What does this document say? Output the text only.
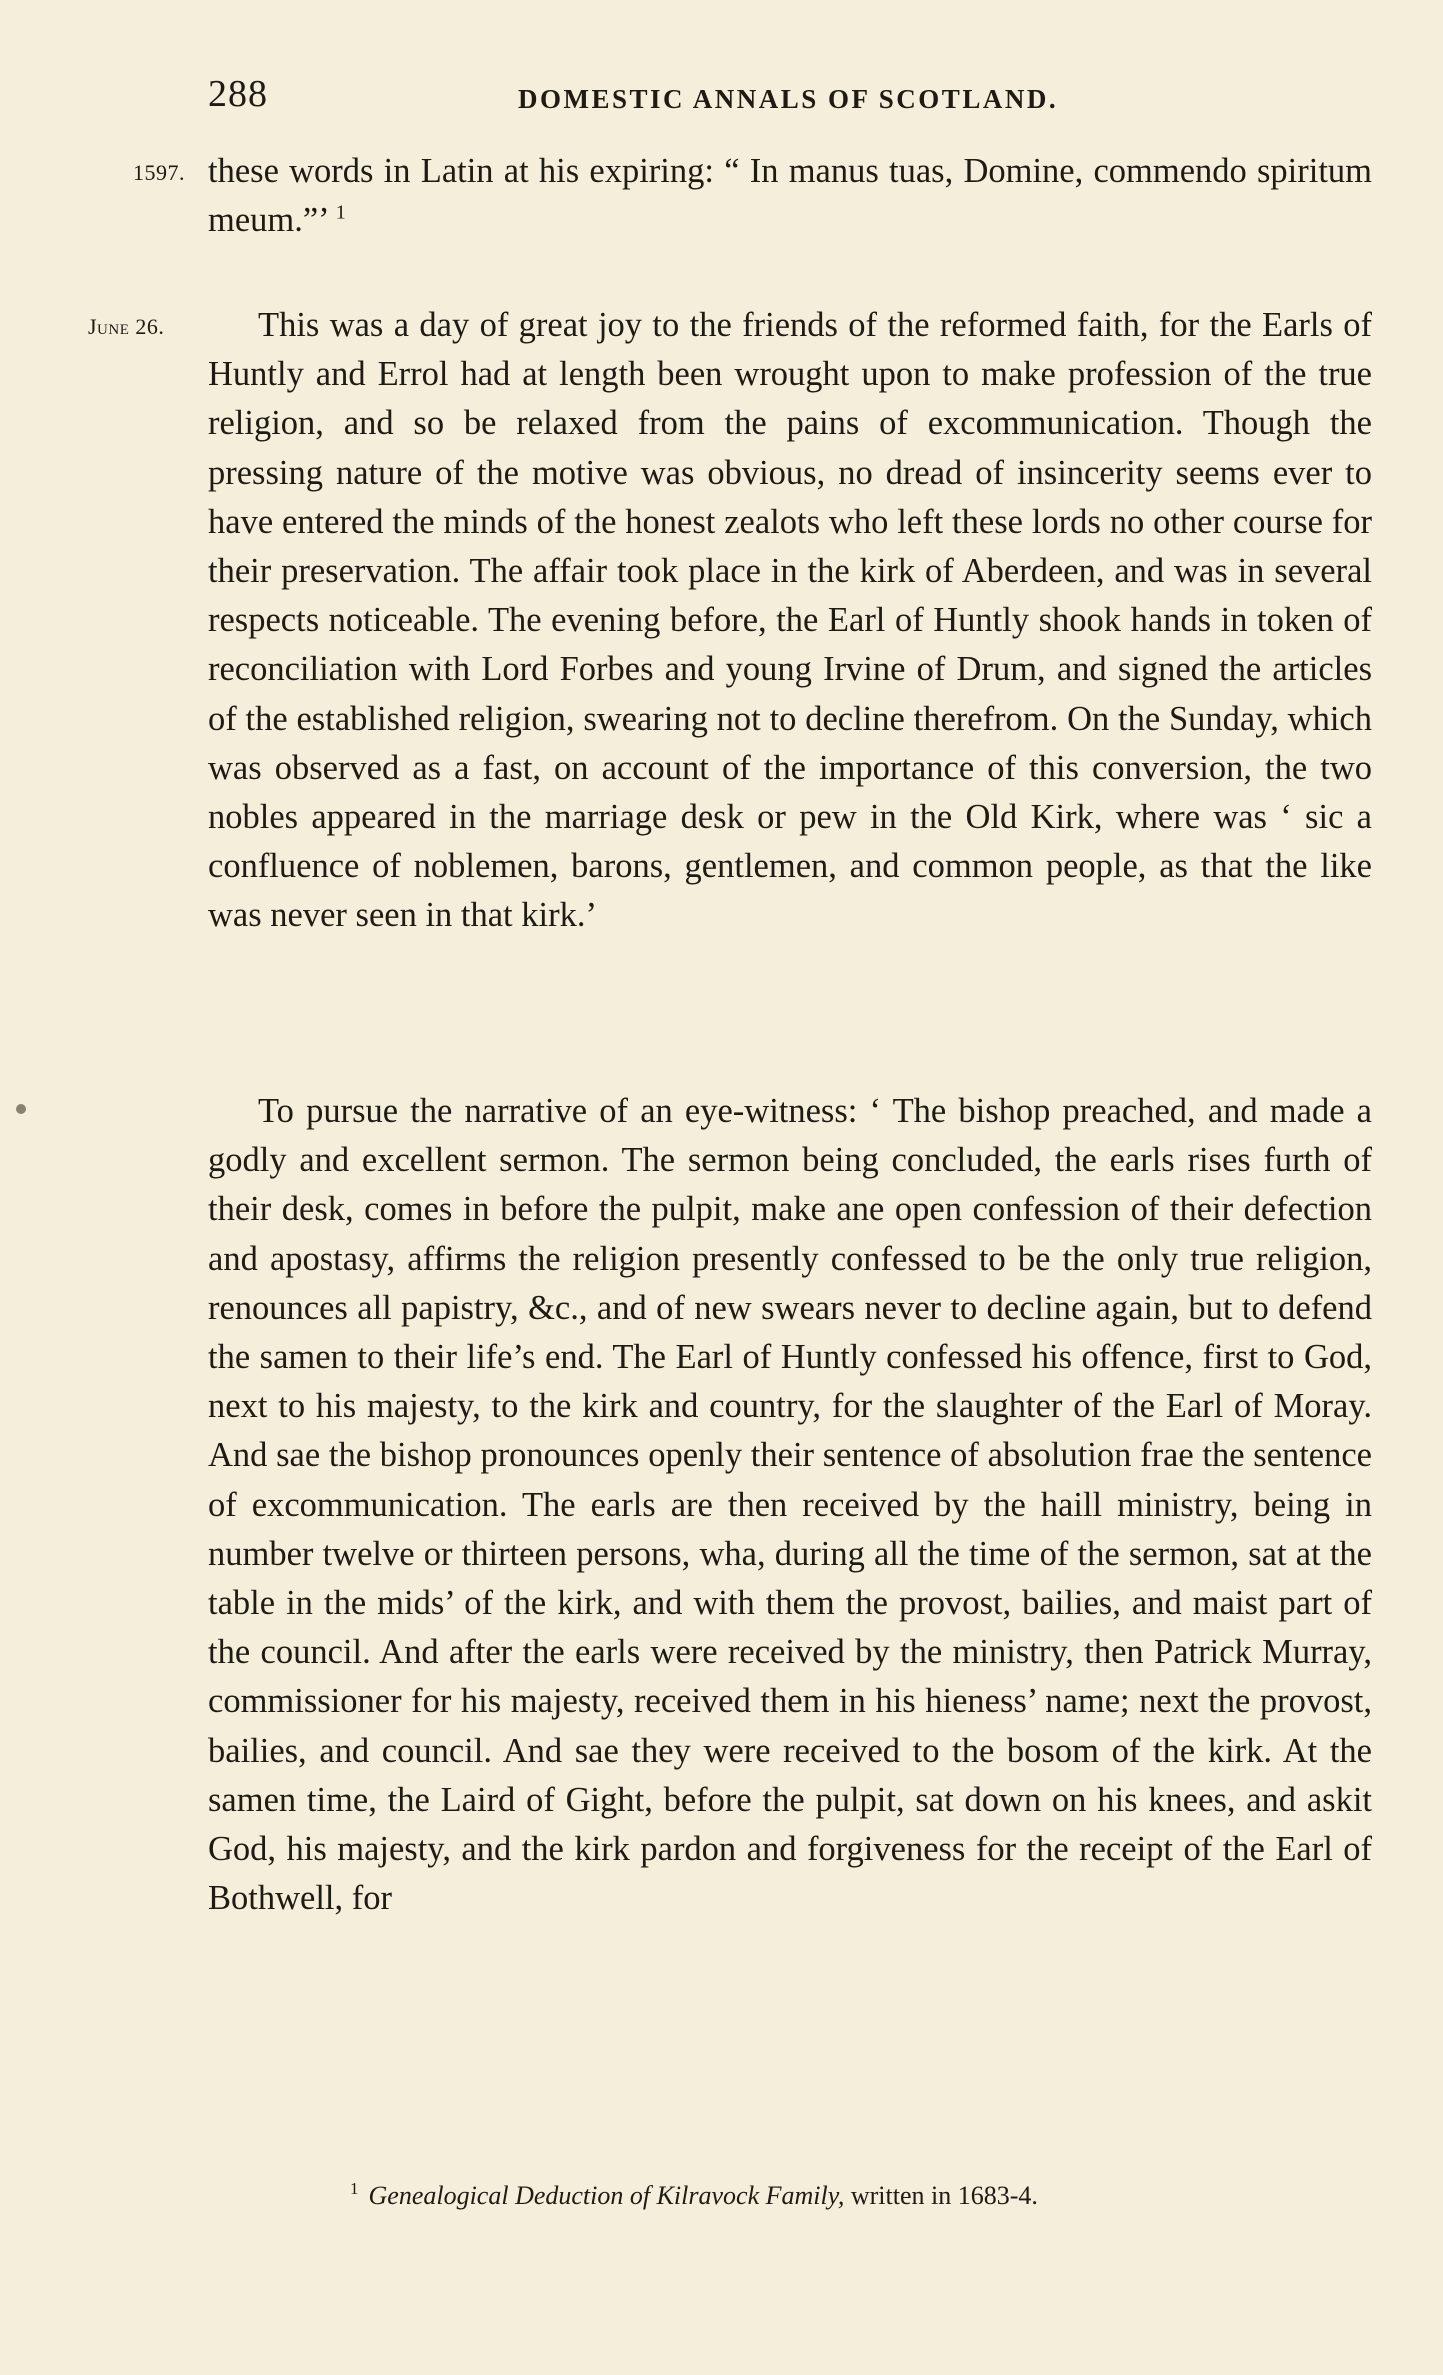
288	DOMESTIC ANNALS OF SCOTLAND.
1597.
June 26.

these words in Latin at his expiring: “ In manus tuas, Domine, commendo spiritum meum.”’ $^1$

This was a day of great joy to the friends of the reformed faith, for the Earls of Huntly and Errol had at length been wrought upon to make profession of the true religion, and so be relaxed from the pains of excommunication. Though the pressing nature of the motive was obvious, no dread of insincerity seems ever to have entered the minds of the honest zealots who left these lords no other course for their preservation. The affair took place in the kirk of Aberdeen, and was in several respects noticeable. The evening before, the Earl of Huntly shook hands in token of reconciliation with Lord Forbes and young Irvine of Drum, and signed the articles of the established religion, swearing not to decline therefrom. On the Sunday, which was observed as a fast, on account of the importance of this conversion, the two nobles appeared in the marriage desk or pew in the Old Kirk, where was ‘ sic a confluence of noblemen, barons, gentlemen, and common people, as that the like was never seen in that kirk.’

To pursue the narrative of an eye-witness: ‘ The bishop preached, and made a godly and excellent sermon. The sermon being concluded, the earls rises furth of their desk, comes in before the pulpit, make ane open confession of their defection and apostasy, affirms the religion presently confessed to be the only true religion, renounces all papistry, &c., and of new swears never to decline again, but to defend the samen to their life’s end. The Earl of Huntly confessed his offence, first to God, next to his majesty, to the kirk and country, for the slaughter of the Earl of Moray. And sae the bishop pronounces openly their sentence of absolution frae the sentence of excommunication. The earls are then received by the haill ministry, being in number twelve or thirteen persons, wha, during all the time of the sermon, sat at the table in the mids’ of the kirk, and with them the provost, bailies, and maist part of the council. And after the earls were received by the ministry, then Patrick Murray, commissioner for his majesty, received them in his hieness’ name; next the provost, bailies, and council. And sae they were received to the bosom of the kirk. At the samen time, the Laird of Gight, before the pulpit, sat down on his knees, and askit God, his majesty, and the kirk pardon and forgiveness for the receipt of the Earl of Bothwell, for

$^1$ Genealogical Deduction of Kilravock Family, written in 1683-4.
